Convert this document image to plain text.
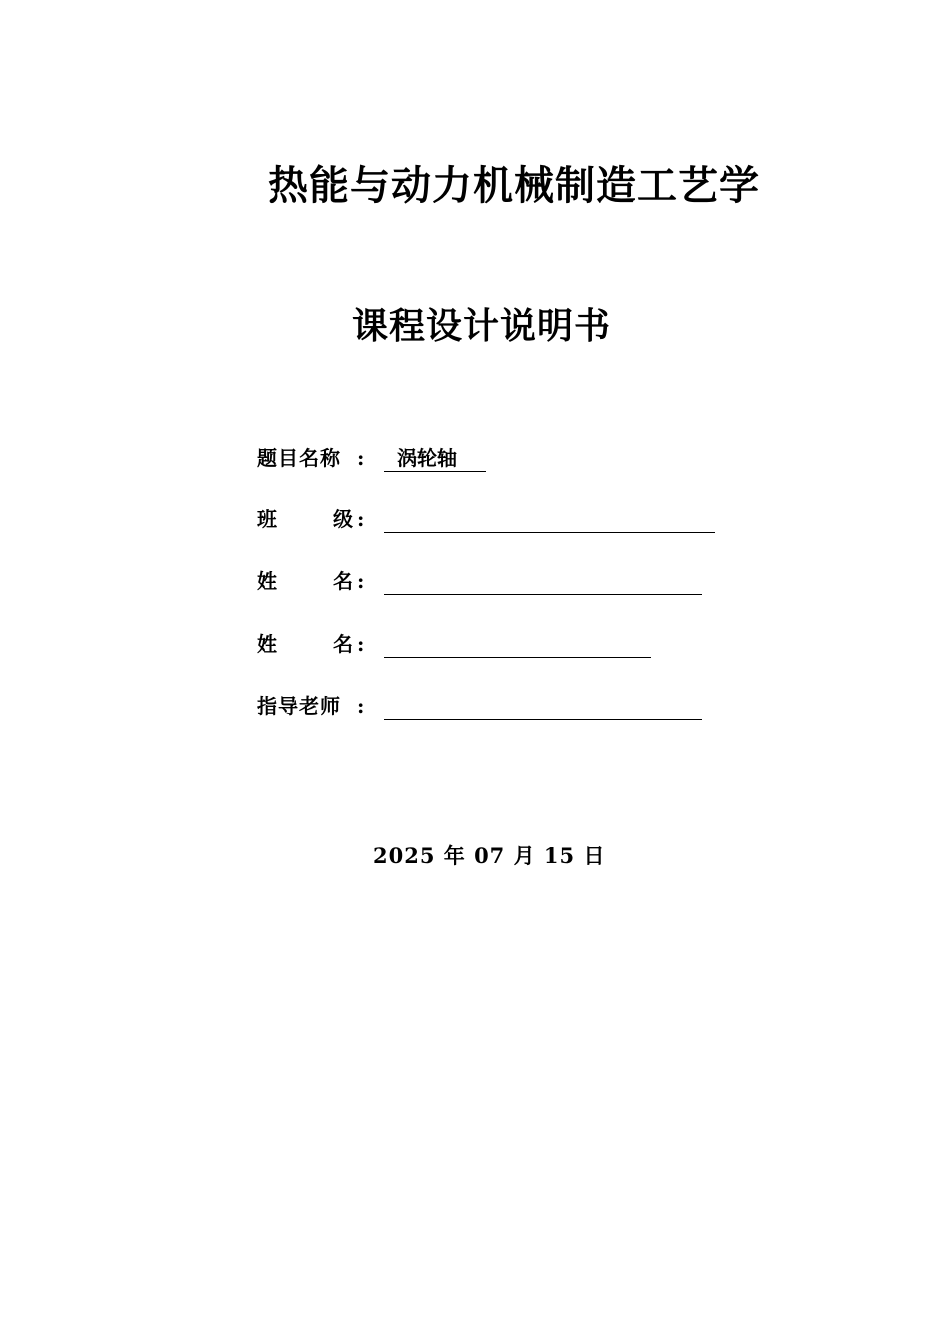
热能与动力机械制造工艺学
课程设计说明书
题目名称 : 涡轮轴
班	级 :
姓	名 :
姓	名 :
指导老师 :
2025 年 07 月 15 日
